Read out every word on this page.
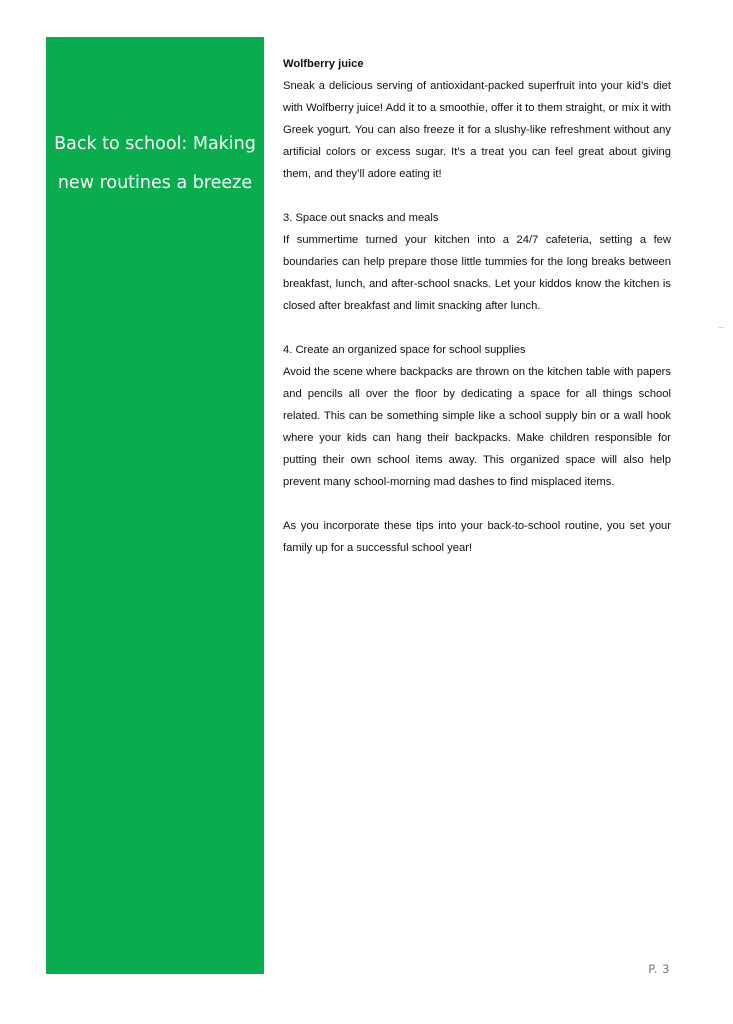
Back to school: Making
new routines a breeze

Wolfberry juice

Sneak a delicious serving of antioxidant-packed superfruit into your kid’s diet with Wolfberry juice! Add it to a smoothie, offer it to them straight, or mix it with Greek yogurt. You can also freeze it for a slushy-like refreshment without any artificial colors or excess sugar. It’s a treat you can feel great about giving them, and they’ll adore eating it!

3. Space out snacks and meals

If summertime turned your kitchen into a 24/7 cafeteria, setting a few boundaries can help prepare those little tummies for the long breaks between breakfast, lunch, and after-school snacks. Let your kiddos know the kitchen is closed after breakfast and limit snacking after lunch.

4. Create an organized space for school supplies

Avoid the scene where backpacks are thrown on the kitchen table with papers and pencils all over the floor by dedicating a space for all things school related. This can be something simple like a school supply bin or a wall hook where your kids can hang their backpacks. Make children responsible for putting their own school items away. This organized space will also help prevent many school-morning mad dashes to find misplaced items.

As you incorporate these tips into your back-to-school routine, you set your family up for a successful school year!

P. 3
